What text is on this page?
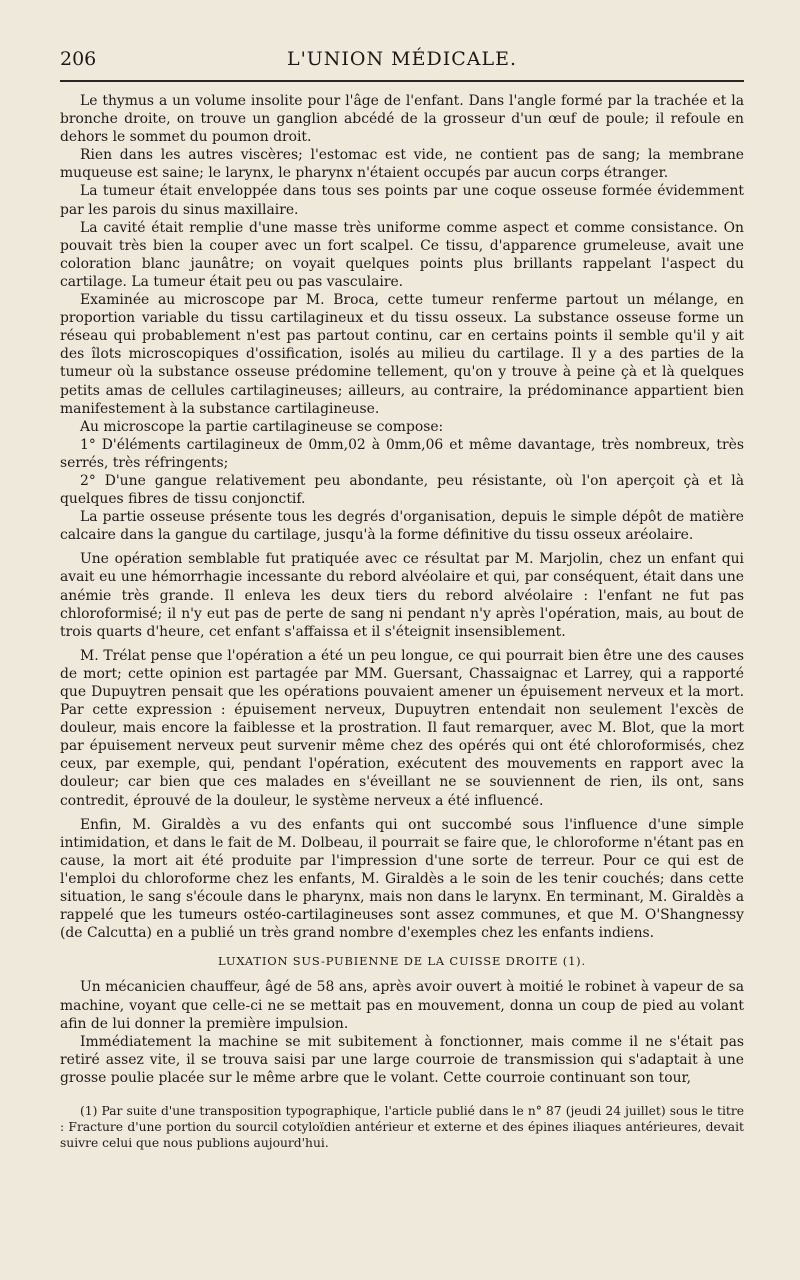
206	L'UNION MÉDICALE.

Le thymus a un volume insolite pour l'âge de l'enfant. Dans l'angle formé par la trachée et la bronche droite, on trouve un ganglion abcédé de la grosseur d'un œuf de poule; il refoule en dehors le sommet du poumon droit.

Rien dans les autres viscères; l'estomac est vide, ne contient pas de sang; la membrane muqueuse est saine; le larynx, le pharynx n'étaient occupés par aucun corps étranger.

La tumeur était enveloppée dans tous ses points par une coque osseuse formée évidemment par les parois du sinus maxillaire.

La cavité était remplie d'une masse très uniforme comme aspect et comme consistance. On pouvait très bien la couper avec un fort scalpel. Ce tissu, d'apparence grumeleuse, avait une coloration blanc jaunâtre; on voyait quelques points plus brillants rappelant l'aspect du cartilage. La tumeur était peu ou pas vasculaire.

Examinée au microscope par M. Broca, cette tumeur renferme partout un mélange, en proportion variable du tissu cartilagineux et du tissu osseux. La substance osseuse forme un réseau qui probablement n'est pas partout continu, car en certains points il semble qu'il y ait des îlots microscopiques d'ossification, isolés au milieu du cartilage. Il y a des parties de la tumeur où la substance osseuse prédomine tellement, qu'on y trouve à peine çà et là quelques petits amas de cellules cartilagineuses; ailleurs, au contraire, la prédominance appartient bien manifestement à la substance cartilagineuse.

Au microscope la partie cartilagineuse se compose:

1° D'éléments cartilagineux de 0mm,02 à 0mm,06 et même davantage, très nombreux, très serrés, très réfringents;

2° D'une gangue relativement peu abondante, peu résistante, où l'on aperçoit çà et là quelques fibres de tissu conjonctif.

La partie osseuse présente tous les degrés d'organisation, depuis le simple dépôt de matière calcaire dans la gangue du cartilage, jusqu'à la forme définitive du tissu osseux aréolaire.

Une opération semblable fut pratiquée avec ce résultat par M. Marjolin, chez un enfant qui avait eu une hémorrhagie incessante du rebord alvéolaire et qui, par conséquent, était dans une anémie très grande. Il enleva les deux tiers du rebord alvéolaire : l'enfant ne fut pas chloroformisé; il n'y eut pas de perte de sang ni pendant n'y après l'opération, mais, au bout de trois quarts d'heure, cet enfant s'affaissa et il s'éteignit insensiblement.

M. Trélat pense que l'opération a été un peu longue, ce qui pourrait bien être une des causes de mort; cette opinion est partagée par MM. Guersant, Chassaignac et Larrey, qui a rapporté que Dupuytren pensait que les opérations pouvaient amener un épuisement nerveux et la mort. Par cette expression : épuisement nerveux, Dupuytren entendait non seulement l'excès de douleur, mais encore la faiblesse et la prostration. Il faut remarquer, avec M. Blot, que la mort par épuisement nerveux peut survenir même chez des opérés qui ont été chloroformisés, chez ceux, par exemple, qui, pendant l'opération, exécutent des mouvements en rapport avec la douleur; car bien que ces malades en s'éveillant ne se souviennent de rien, ils ont, sans contredit, éprouvé de la douleur, le système nerveux a été influencé.

Enfin, M. Giraldès a vu des enfants qui ont succombé sous l'influence d'une simple intimidation, et dans le fait de M. Dolbeau, il pourrait se faire que, le chloroforme n'étant pas en cause, la mort ait été produite par l'impression d'une sorte de terreur. Pour ce qui est de l'emploi du chloroforme chez les enfants, M. Giraldès a le soin de les tenir couchés; dans cette situation, le sang s'écoule dans le pharynx, mais non dans le larynx. En terminant, M. Giraldès a rappelé que les tumeurs ostéo-cartilagineuses sont assez communes, et que M. O'Shangnessy (de Calcutta) en a publié un très grand nombre d'exemples chez les enfants indiens.

LUXATION SUS-PUBIENNE DE LA CUISSE DROITE (1).

Un mécanicien chauffeur, âgé de 58 ans, après avoir ouvert à moitié le robinet à vapeur de sa machine, voyant que celle-ci ne se mettait pas en mouvement, donna un coup de pied au volant afin de lui donner la première impulsion.

Immédiatement la machine se mit subitement à fonctionner, mais comme il ne s'était pas retiré assez vite, il se trouva saisi par une large courroie de transmission qui s'adaptait à une grosse poulie placée sur le même arbre que le volant. Cette courroie continuant son tour,

(1) Par suite d'une transposition typographique, l'article publié dans le n° 87 (jeudi 24 juillet) sous le titre : Fracture d'une portion du sourcil cotyloïdien antérieur et externe et des épines iliaques antérieures, devait suivre celui que nous publions aujourd'hui.
